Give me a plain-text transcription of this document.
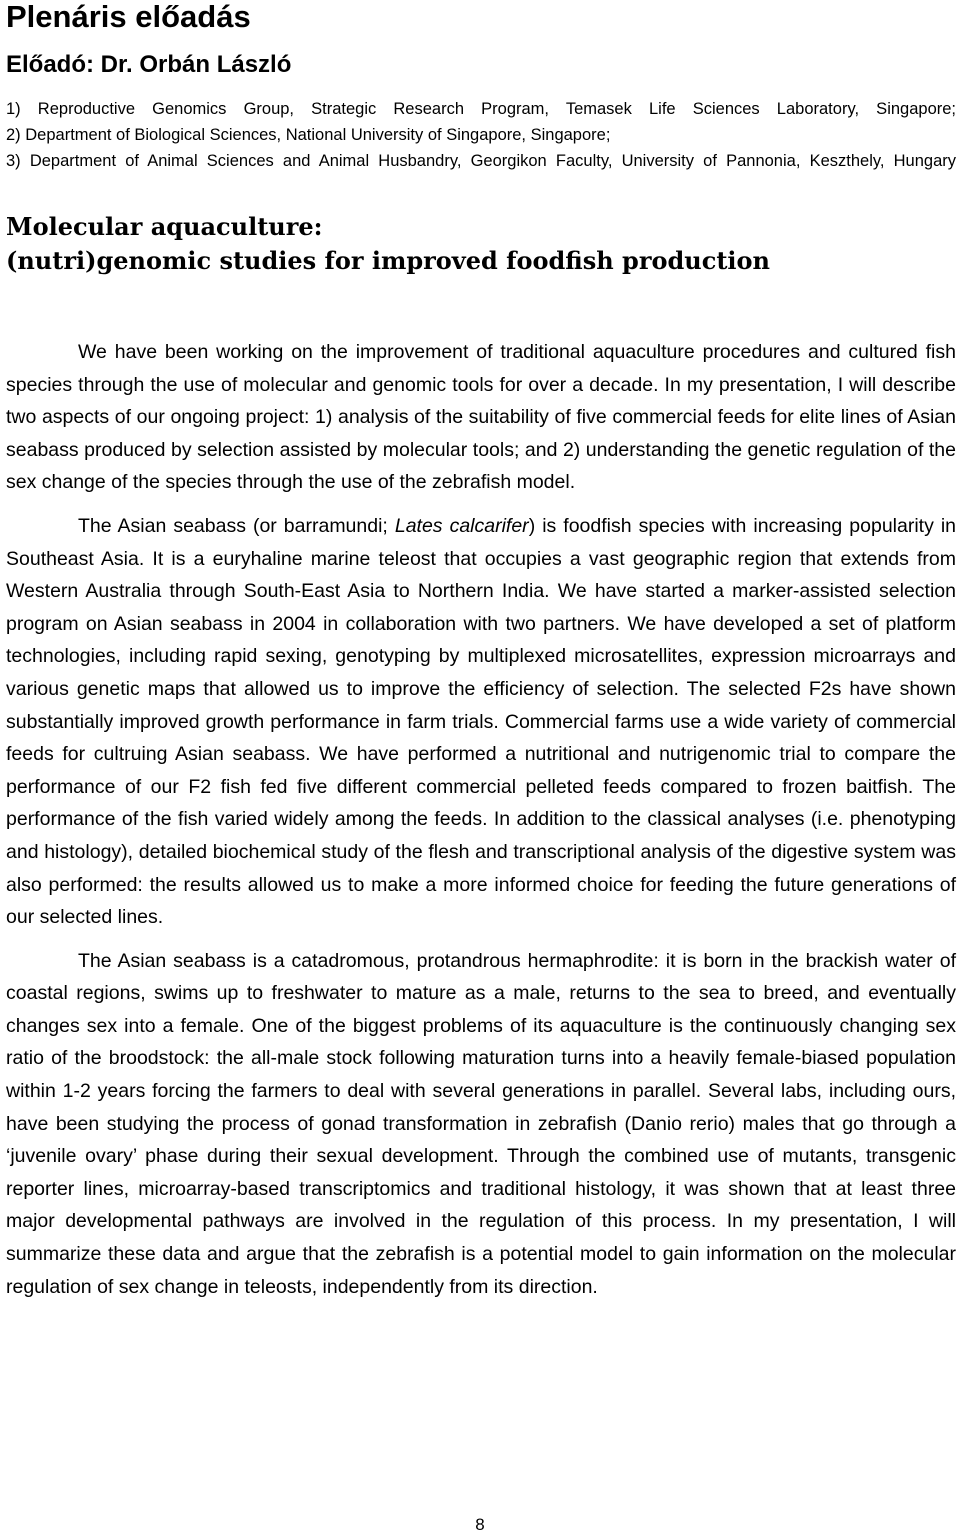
Plenáris előadás
Előadó: Dr. Orbán László
1) Reproductive Genomics Group, Strategic Research Program, Temasek Life Sciences Laboratory, Singapore;
2) Department of Biological Sciences, National University of Singapore, Singapore;
3) Department of Animal Sciences and Animal Husbandry, Georgikon Faculty, University of Pannonia, Keszthely, Hungary
Molecular aquaculture:
(nutri)genomic studies for improved foodfish production

We have been working on the improvement of traditional aquaculture procedures and cultured fish species through the use of molecular and genomic tools for over a decade. In my presentation, I will describe two aspects of our ongoing project: 1) analysis of the suitability of five commercial feeds for elite lines of Asian seabass produced by selection assisted by molecular tools; and 2) understanding the genetic regulation of the sex change of the species through the use of the zebrafish model.

The Asian seabass (or barramundi; Lates calcarifer) is foodfish species with increasing popularity in Southeast Asia. It is a euryhaline marine teleost that occupies a vast geographic region that extends from Western Australia through South-East Asia to Northern India. We have started a marker-assisted selection program on Asian seabass in 2004 in collaboration with two partners. We have developed a set of platform technologies, including rapid sexing, genotyping by multiplexed microsatellites, expression microarrays and various genetic maps that allowed us to improve the efficiency of selection. The selected F2s have shown substantially improved growth performance in farm trials. Commercial farms use a wide variety of commercial feeds for cultruing Asian seabass. We have performed a nutritional and nutrigenomic trial to compare the performance of our F2 fish fed five different commercial pelleted feeds compared to frozen baitfish. The performance of the fish varied widely among the feeds. In addition to the classical analyses (i.e. phenotyping and histology), detailed biochemical study of the flesh and transcriptional analysis of the digestive system was also performed: the results allowed us to make a more informed choice for feeding the future generations of our selected lines.

The Asian seabass is a catadromous, protandrous hermaphrodite: it is born in the brackish water of coastal regions, swims up to freshwater to mature as a male, returns to the sea to breed, and eventually changes sex into a female. One of the biggest problems of its aquaculture is the continuously changing sex ratio of the broodstock: the all-male stock following maturation turns into a heavily female-biased population within 1-2 years forcing the farmers to deal with several generations in parallel. Several labs, including ours, have been studying the process of gonad transformation in zebrafish (Danio rerio) males that go through a ‘juvenile ovary’ phase during their sexual development. Through the combined use of mutants, transgenic reporter lines, microarray-based transcriptomics and traditional histology, it was shown that at least three major developmental pathways are involved in the regulation of this process. In my presentation, I will summarize these data and argue that the zebrafish is a potential model to gain information on the molecular regulation of sex change in teleosts, independently from its direction.

8
